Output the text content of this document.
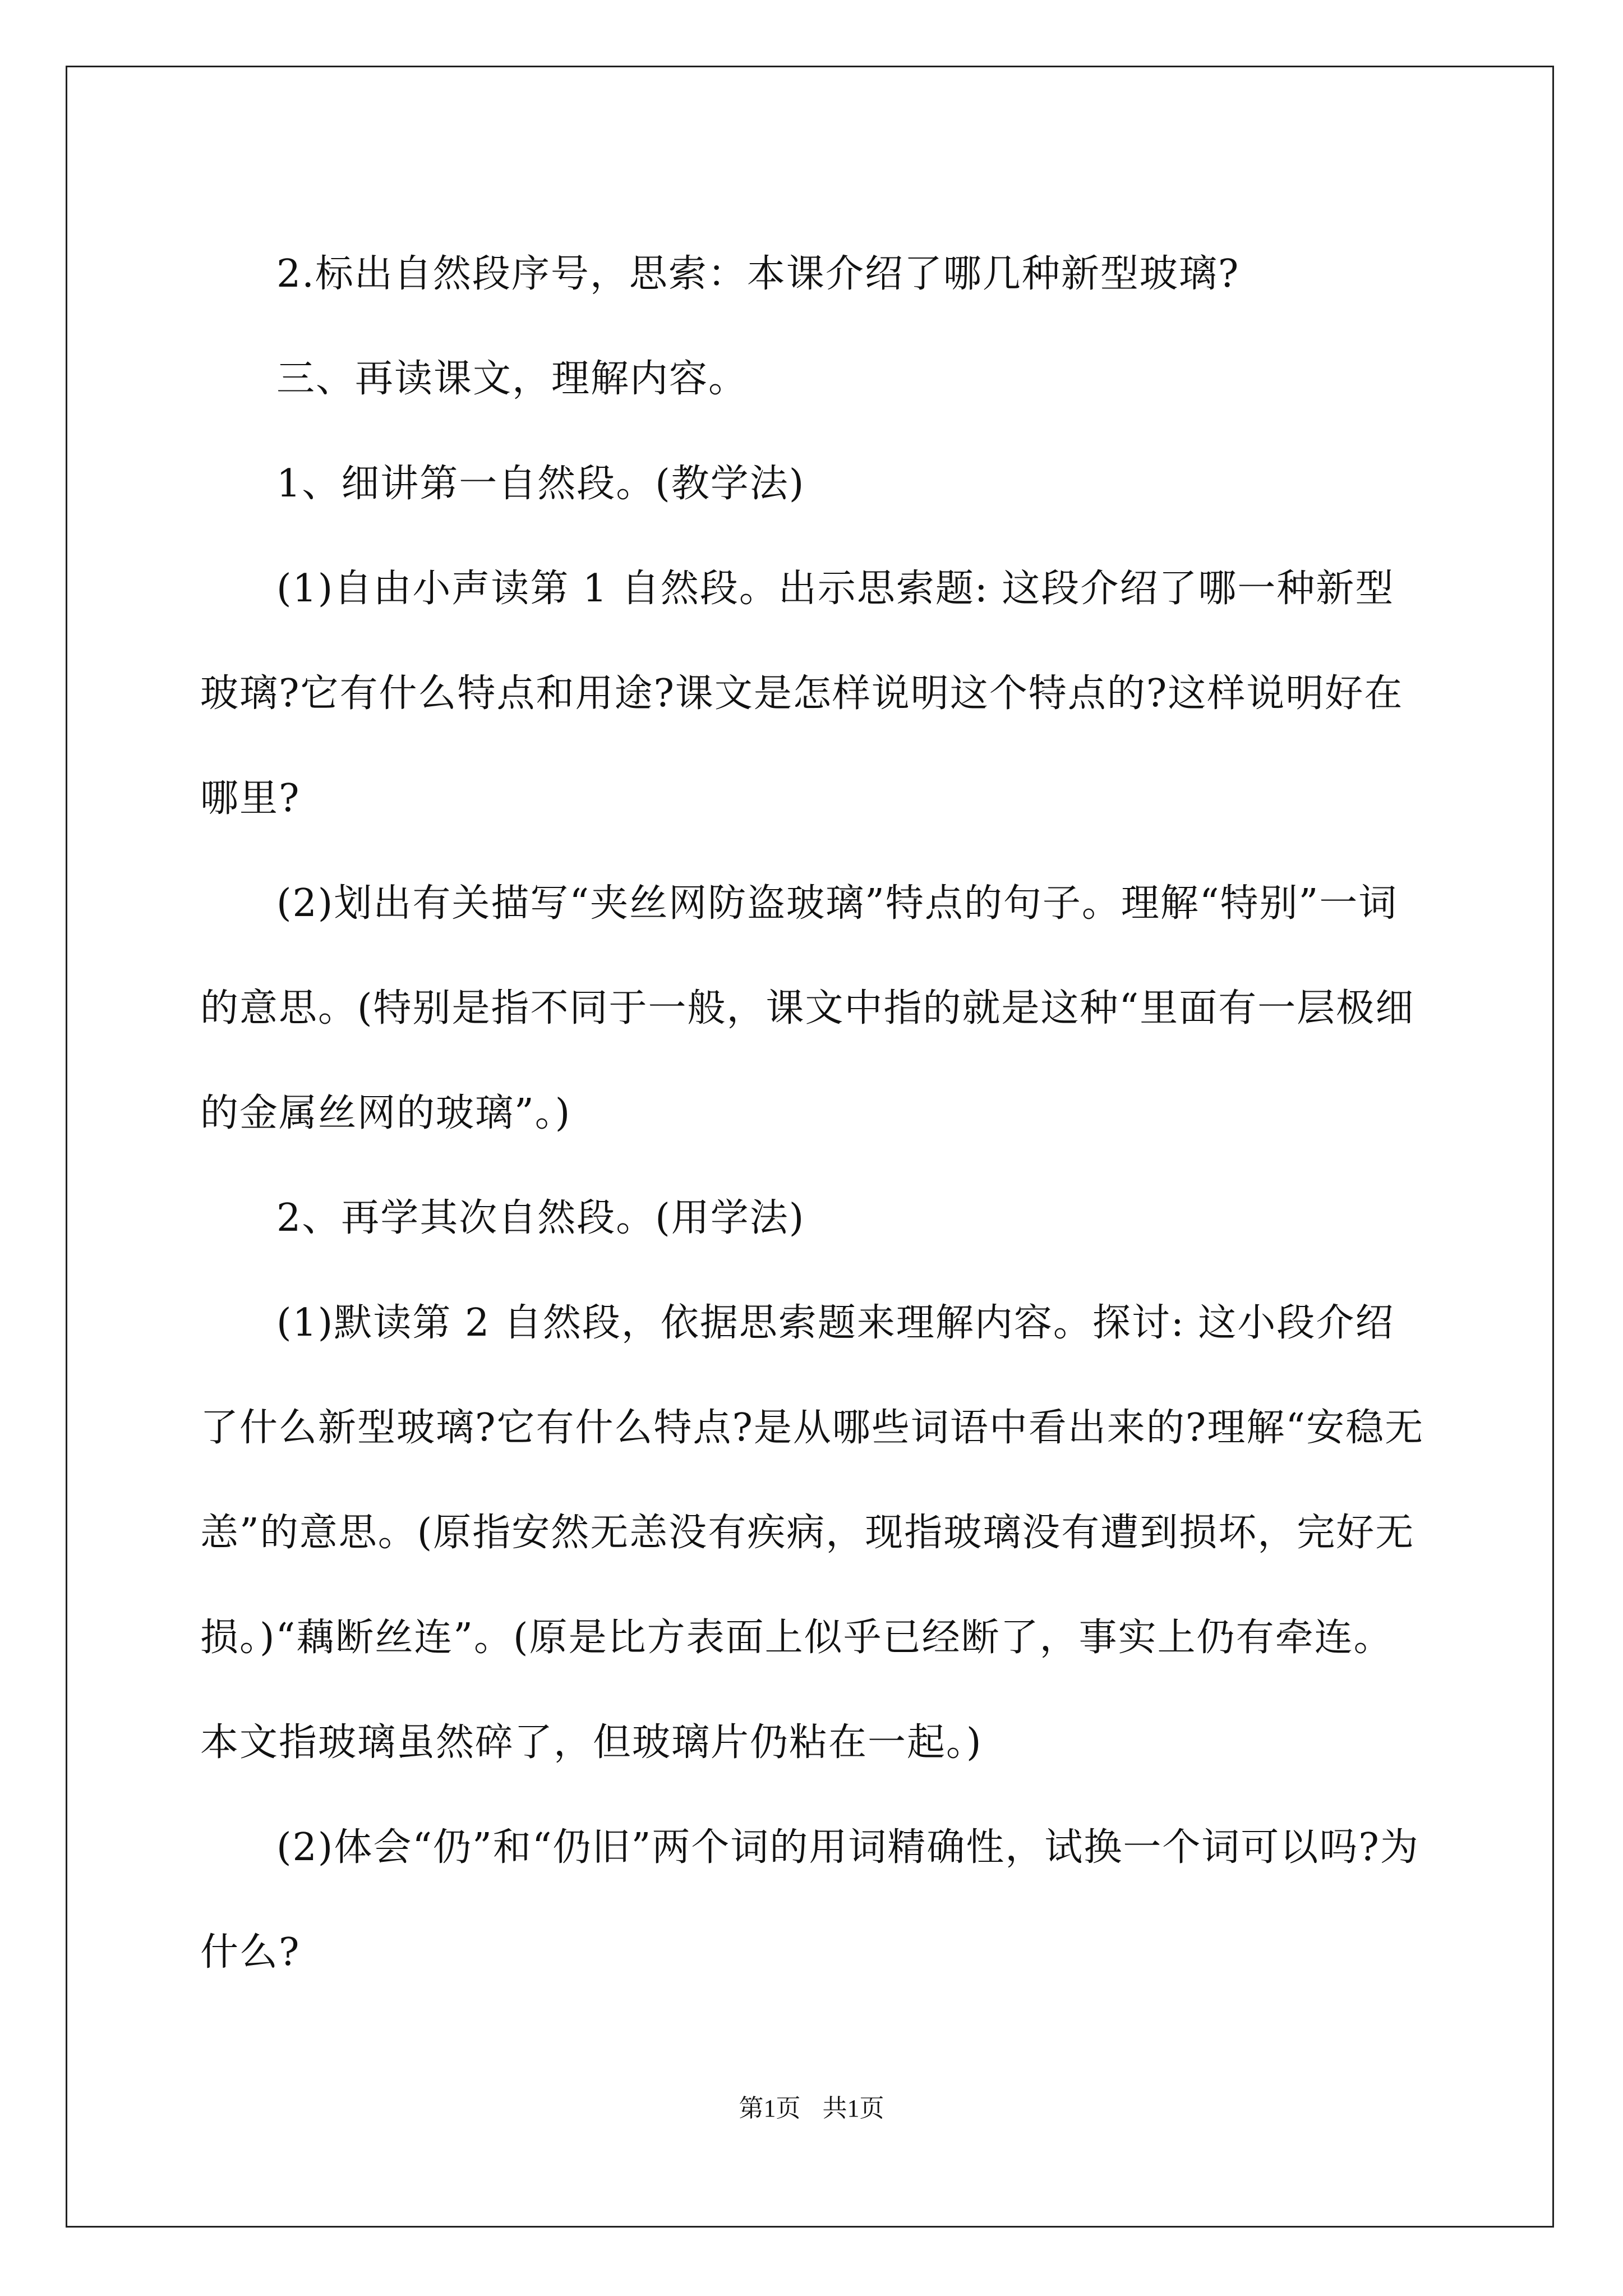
2.标出自然段序号，思索：本课介绍了哪几种新型玻璃?

三、再读课文，理解内容。

1、细讲第一自然段。(教学法)

(1)自由小声读第 1 自然段。出示思索题: 这段介绍了哪一种新型玻璃?它有什么特点和用途?课文是怎样说明这个特点的?这样说明好在哪里?

(2)划出有关描写“夹丝网防盗玻璃”特点的句子。理解“特别”一词的意思。(特别是指不同于一般，课文中指的就是这种“里面有一层极细的金属丝网的玻璃”。)

2、再学其次自然段。(用学法)

(1)默读第 2 自然段，依据思索题来理解内容。探讨: 这小段介绍了什么新型玻璃?它有什么特点?是从哪些词语中看出来的?理解“安稳无恙”的意思。(原指安然无恙没有疾病，现指玻璃没有遭到损坏，完好无损。)“藕断丝连”。(原是比方表面上似乎已经断了，事实上仍有牵连。本文指玻璃虽然碎了，但玻璃片仍粘在一起。)

(2)体会“仍”和“仍旧”两个词的用词精确性，试换一个词可以吗?为什么?

第1页 共1页
